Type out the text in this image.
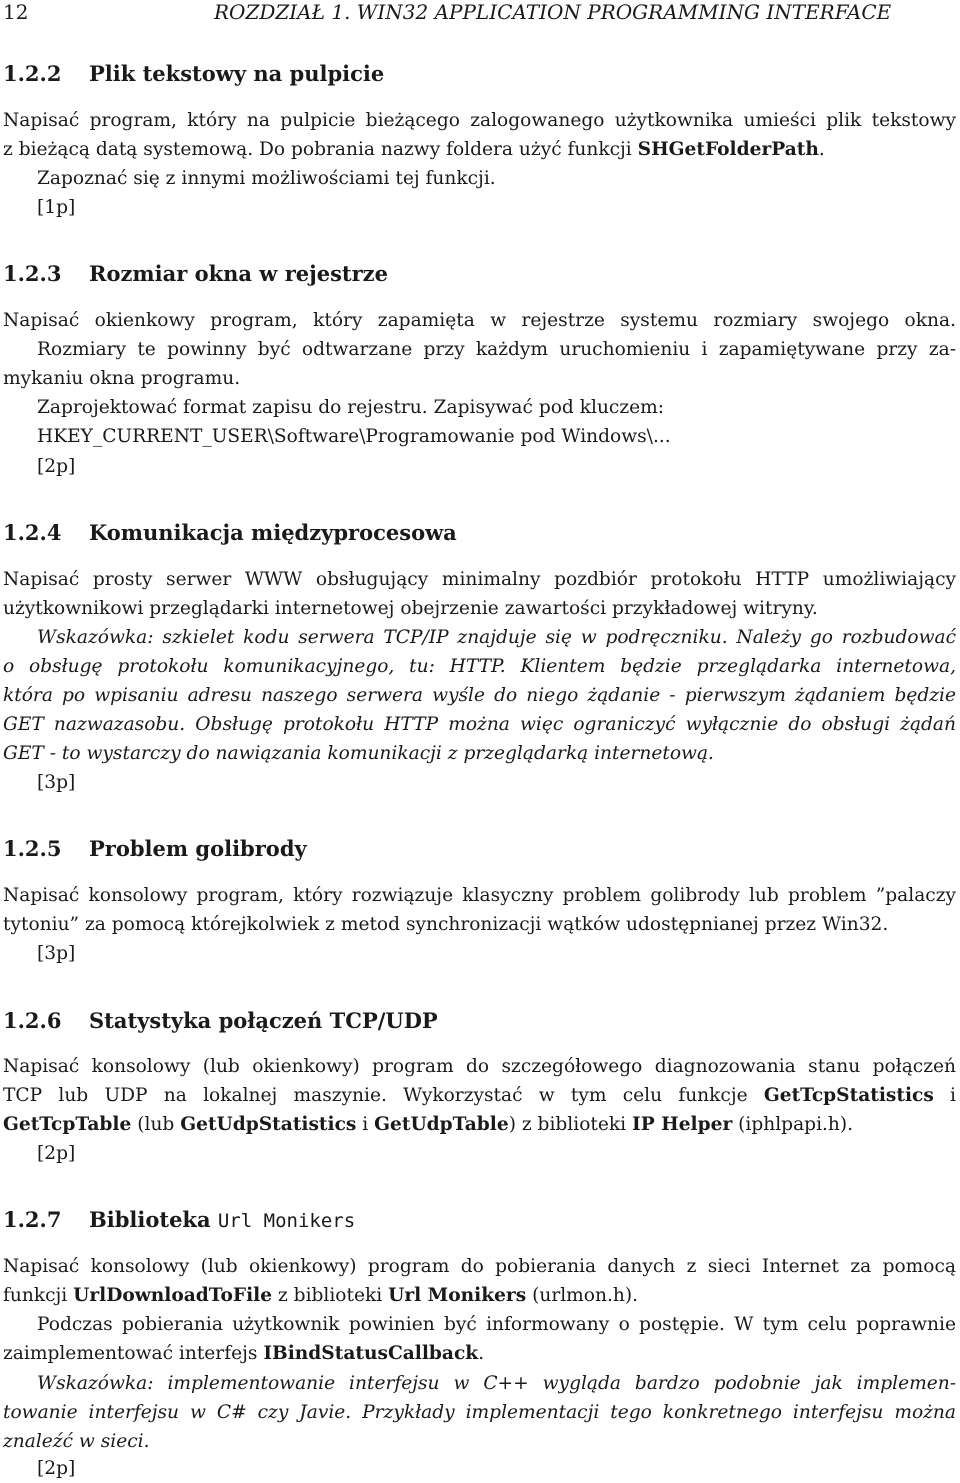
12	ROZDZIAŁ 1. WIN32 APPLICATION PROGRAMMING INTERFACE
1.2.2 Plik tekstowy na pulpicie
Napisać program, który na pulpicie bieżącego zalogowanego użytkownika umieści plik tekstowy
z bieżącą datą systemową. Do pobrania nazwy foldera użyć funkcji SHGetFolderPath.
Zapoznać się z innymi możliwościami tej funkcji.
[1p]
1.2.3 Rozmiar okna w rejestrze
Napisać okienkowy program, który zapamięta w rejestrze systemu rozmiary swojego okna.
Rozmiary te powinny być odtwarzane przy każdym uruchomieniu i zapamiętywane przy za-
mykaniu okna programu.
Zaprojektować format zapisu do rejestru. Zapisywać pod kluczem:
HKEY_CURRENT_USER\Software\Programowanie pod Windows\...
[2p]
1.2.4 Komunikacja międzyprocesowa
Napisać prosty serwer WWW obsługujący minimalny pozdbiór protokołu HTTP umożliwiający
użytkownikowi przeglądarki internetowej obejrzenie zawartości przykładowej witryny.
Wskazówka: szkielet kodu serwera TCP/IP znajduje się w podręczniku. Należy go rozbudować
o obsługę protokołu komunikacyjnego, tu: HTTP. Klientem będzie przeglądarka internetowa,
która po wpisaniu adresu naszego serwera wyśle do niego żądanie - pierwszym żądaniem będzie
GET nazwazasobu. Obsługę protokołu HTTP można więc ograniczyć wyłącznie do obsługi żądań
GET - to wystarczy do nawiązania komunikacji z przeglądarką internetową.
[3p]
1.2.5 Problem golibrody
Napisać konsolowy program, który rozwiązuje klasyczny problem golibrody lub problem ”palaczy
tytoniu” za pomocą którejkolwiek z metod synchronizacji wątków udostępnianej przez Win32.
[3p]
1.2.6 Statystyka połączeń TCP/UDP
Napisać konsolowy (lub okienkowy) program do szczegółowego diagnozowania stanu połączeń
TCP lub UDP na lokalnej maszynie. Wykorzystać w tym celu funkcje GetTcpStatistics i
GetTcpTable (lub GetUdpStatistics i GetUdpTable) z biblioteki IP Helper (iphlpapi.h).
[2p]
1.2.7 Biblioteka Url Monikers
Napisać konsolowy (lub okienkowy) program do pobierania danych z sieci Internet za pomocą
funkcji UrlDownloadToFile z biblioteki Url Monikers (urlmon.h).
Podczas pobierania użytkownik powinien być informowany o postępie. W tym celu poprawnie
zaimplementować interfejs IBindStatusCallback.
Wskazówka: implementowanie interfejsu w C++ wygląda bardzo podobnie jak implemen-
towanie interfejsu w C# czy Javie. Przykłady implementacji tego konkretnego interfejsu można
znaleźć w sieci.
[2p]
